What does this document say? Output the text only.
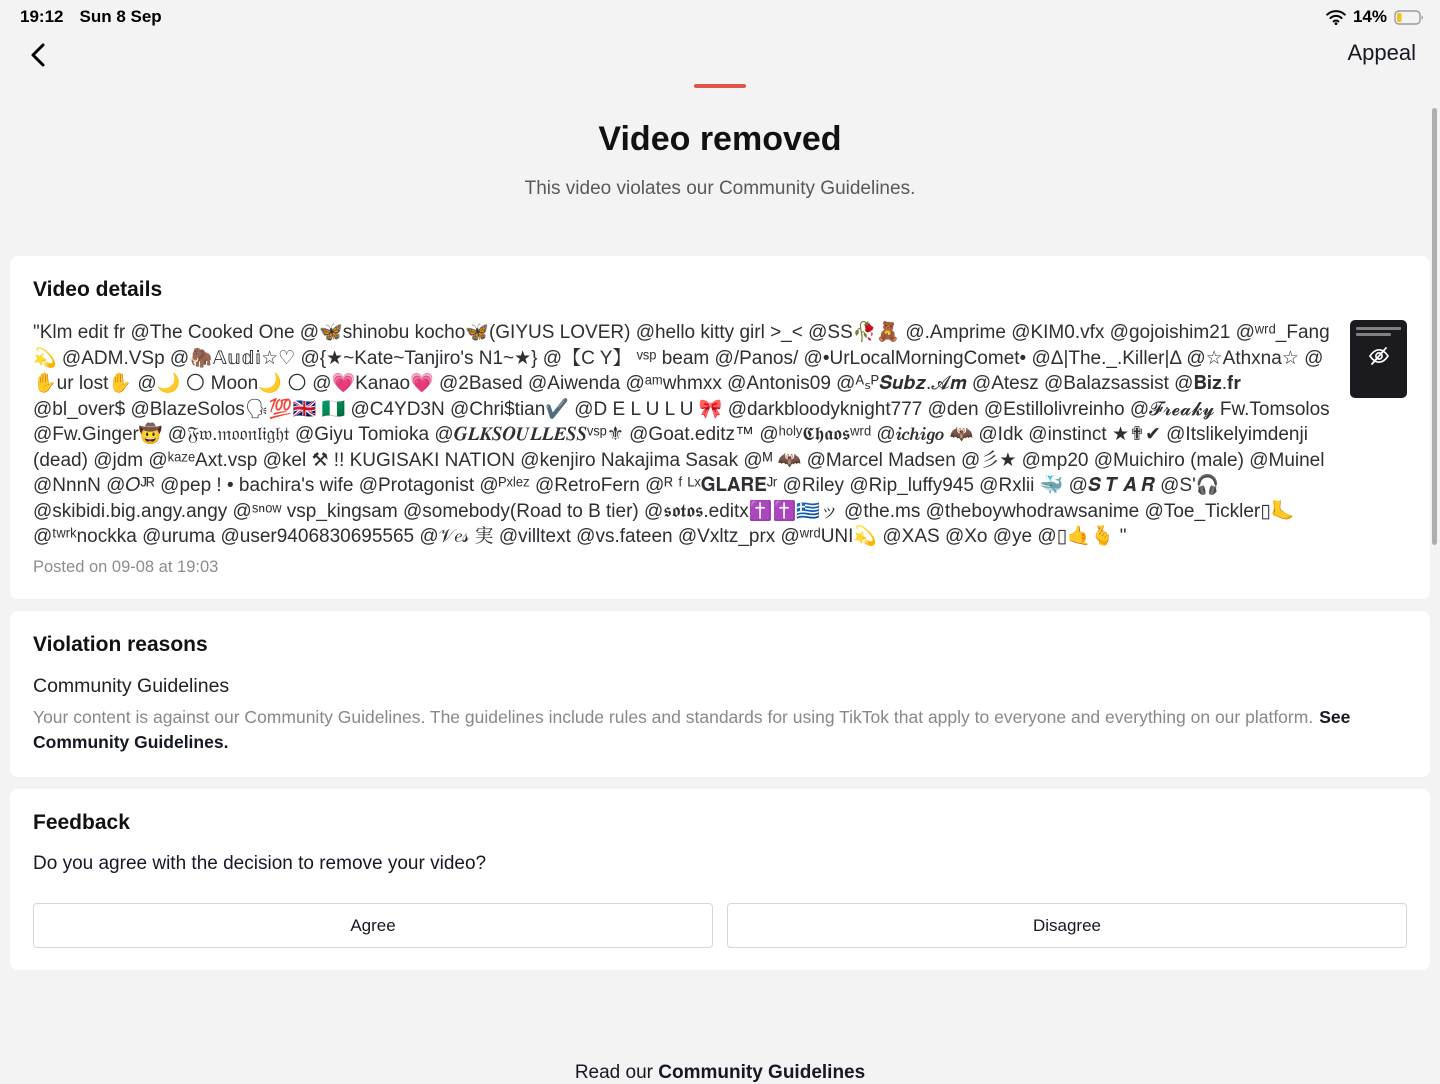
19:12 Sun 8 Sep	14%
Appeal
Video removed
This video violates our Community Guidelines.
Video details
"Klm edit fr @The Cooked One @🦋shinobu kocho🦋(GIYUS LOVER) @hello kitty girl >_< @SS🥀🧸 @.Amprime @KIM0.vfx @gojoishim21 @ʷʳᵈ_Fang💫 @ADM.VSp @🦣𝔸𝕦𝕕𝕚☆♡ @{★~Kate~Tanjiro's N1~★} @【C Y】 ᵛˢᵖ beam @/Panos/ @•UrLocalMorningComet• @Δ|The._.Killer|Δ @☆Athxna☆ @✋ur lost✋ @🌙 🌕 Moon🌙 🌕 @💗Kanao💗 @2Based @Aiwenda @ᵃᵐwhmxx @Antonis09 @ᴬₛᴾ𝑺𝒖𝒃𝒛.𝓐𝒎 @Atesz @Balazsassist @𝐁𝐢𝐳.𝐟𝐫 @bl_over$ @BlazeSolos🗣💯🇬🇧 🇳🇬 @C4YD3N @Chri$tian✔️ @D E L U L U 🎀 @darkbloodyknight777 @den @Estillolivreinho @𝓕𝓻𝓮𝓪𝓴𝔂 Fw.Tomsolos @Fw.Ginger🤠 @𝔉𝔴.𝔪𝔬𝔬𝔫𝔩𝔦𝔤𝔥𝔱 @Giyu Tomioka @𝑮𝑳𝑲𝑺𝑶𝑼𝑳𝑳𝑬𝑺𝑺ᵛˢᵖ⚜ @Goat.editz™ @ʰᵒˡʸ𝕮𝖍𝖆𝖔𝖘ʷʳᵈ @𝒊𝒄𝒉𝒊𝒈𝒐 🦇 @Idk @instinct ★✟✔ @Itslikelyimdenji (dead) @jdm @ᵏᵃᶻᵉAxt.vsp @kel ⚒ !! KUGISAKI NATION @kenjiro Nakajima Sasak @ᴹ 🦇 @Marcel Madsen @彡★ @mp20 @Muichiro (male) @Muinel @NnnN @𝑂ᴶᴿ @pep ! • bachira's wife @Protagonist @ᴾˣˡᵉᶻ @RetroFern @ᴿ ᶠ ᴸˣ𝐆𝐋𝐀𝐑𝐄ᴶʳ @Riley @Rip_luffy945 @Rxlii 🐳 @𝑺 𝑻 𝑨 𝑹 @S'🎧 @skibidi.big.angy.angy @ˢⁿᵒʷ vsp_kingsam @somebody(Road to B tier) @𝖘𝖔𝖙𝖔𝖘.editx✝️✝️🇬🇷ッ @the.ms @theboywhodrawsanime @Toe_Tickler▯🦶 @ᵗʷʳᵏnockka @uruma @user9406830695565 @𝒱𝑒𝓈 実 @villtext @vs.fateen @Vxltz_prx @ʷʳᵈUNI💫 @XAS @Xo @ye @▯🤙🫰 "
Posted on 09-08 at 19:03
Violation reasons

Community Guidelines

Your content is against our Community Guidelines. The guidelines include rules and standards for using TikTok that apply to everyone and everything on our platform. See Community Guidelines.

Feedback

Do you agree with the decision to remove your video?

Agree	Disagree
Read our Community Guidelines
